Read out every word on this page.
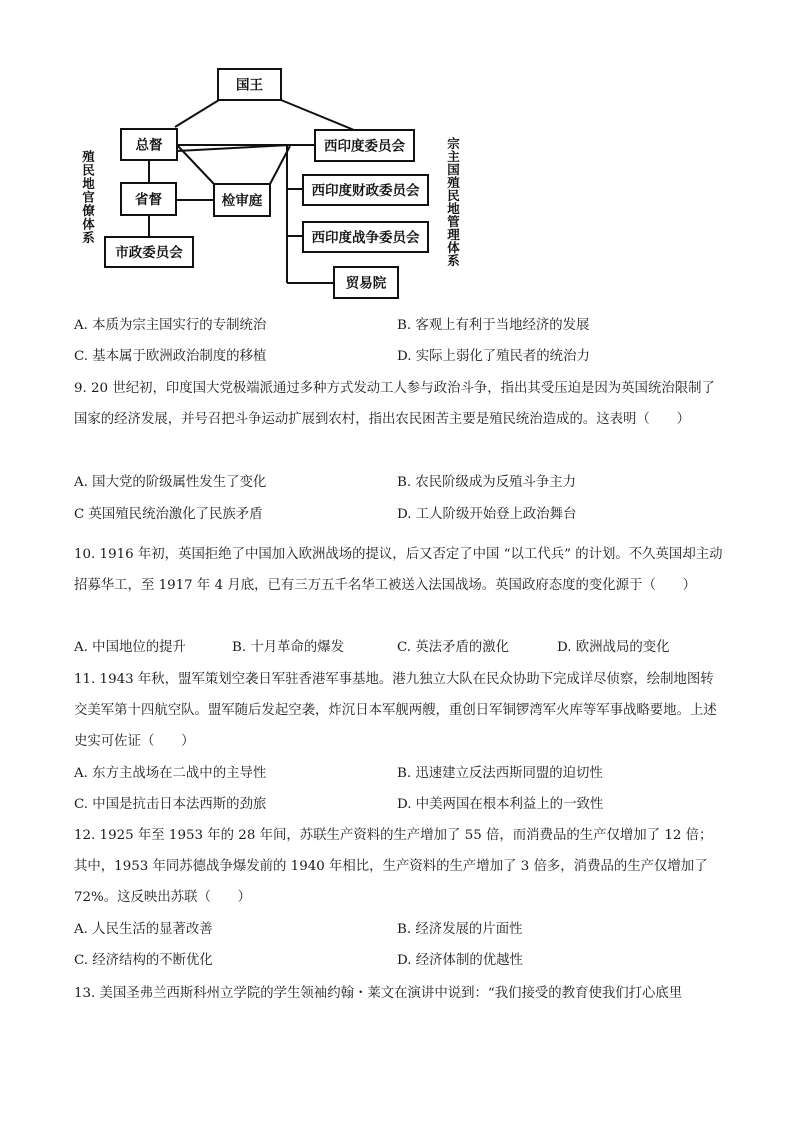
国王
总督	西印度委员会
省督	检审庭
西印度财政委员会
市政委员会
西印度战争委员会
贸易院
殖民地官僚体系	宗主国殖民地管理体系
A. 本质为宗主国实行的专制统治	B. 客观上有利于当地经济的发展
C. 基本属于欧洲政治制度的移植	D. 实际上弱化了殖民者的统治力
9. 20 世纪初，印度国大党极端派通过多种方式发动工人参与政治斗争，指出其受压迫是因为英国统治限制了国家的经济发展，并号召把斗争运动扩展到农村，指出农民困苦主要是殖民统治造成的。这表明（　　）
A. 国大党的阶级属性发生了变化	B. 农民阶级成为反殖斗争主力
C 英国殖民统治激化了民族矛盾	D. 工人阶级开始登上政治舞台
10. 1916 年初，英国拒绝了中国加入欧洲战场的提议，后又否定了中国 “以工代兵” 的计划。不久英国却主动招募华工，至 1917 年 4 月底，已有三万五千名华工被送入法国战场。英国政府态度的变化源于（　　）
A. 中国地位的提升	B. 十月革命的爆发	C. 英法矛盾的激化	D. 欧洲战局的变化
11. 1943 年秋，盟军策划空袭日军驻香港军事基地。港九独立大队在民众协助下完成详尽侦察，绘制地图转交美军第十四航空队。盟军随后发起空袭，炸沉日本军舰两艘，重创日军铜锣湾军火库等军事战略要地。上述史实可佐证（　　）
A. 东方主战场在二战中的主导性	B. 迅速建立反法西斯同盟的迫切性
C. 中国是抗击日本法西斯的劲旅	D. 中美两国在根本利益上的一致性
12. 1925 年至 1953 年的 28 年间，苏联生产资料的生产增加了 55 倍，而消费品的生产仅增加了 12 倍；其中，1953 年同苏德战争爆发前的 1940 年相比，生产资料的生产增加了 3 倍多，消费品的生产仅增加了 72%。这反映出苏联（　　）
A. 人民生活的显著改善	B. 经济发展的片面性
C. 经济结构的不断优化	D. 经济体制的优越性
13. 美国圣弗兰西斯科州立学院的学生领袖约翰・莱文在演讲中说到：“我们接受的教育使我们打心底里
